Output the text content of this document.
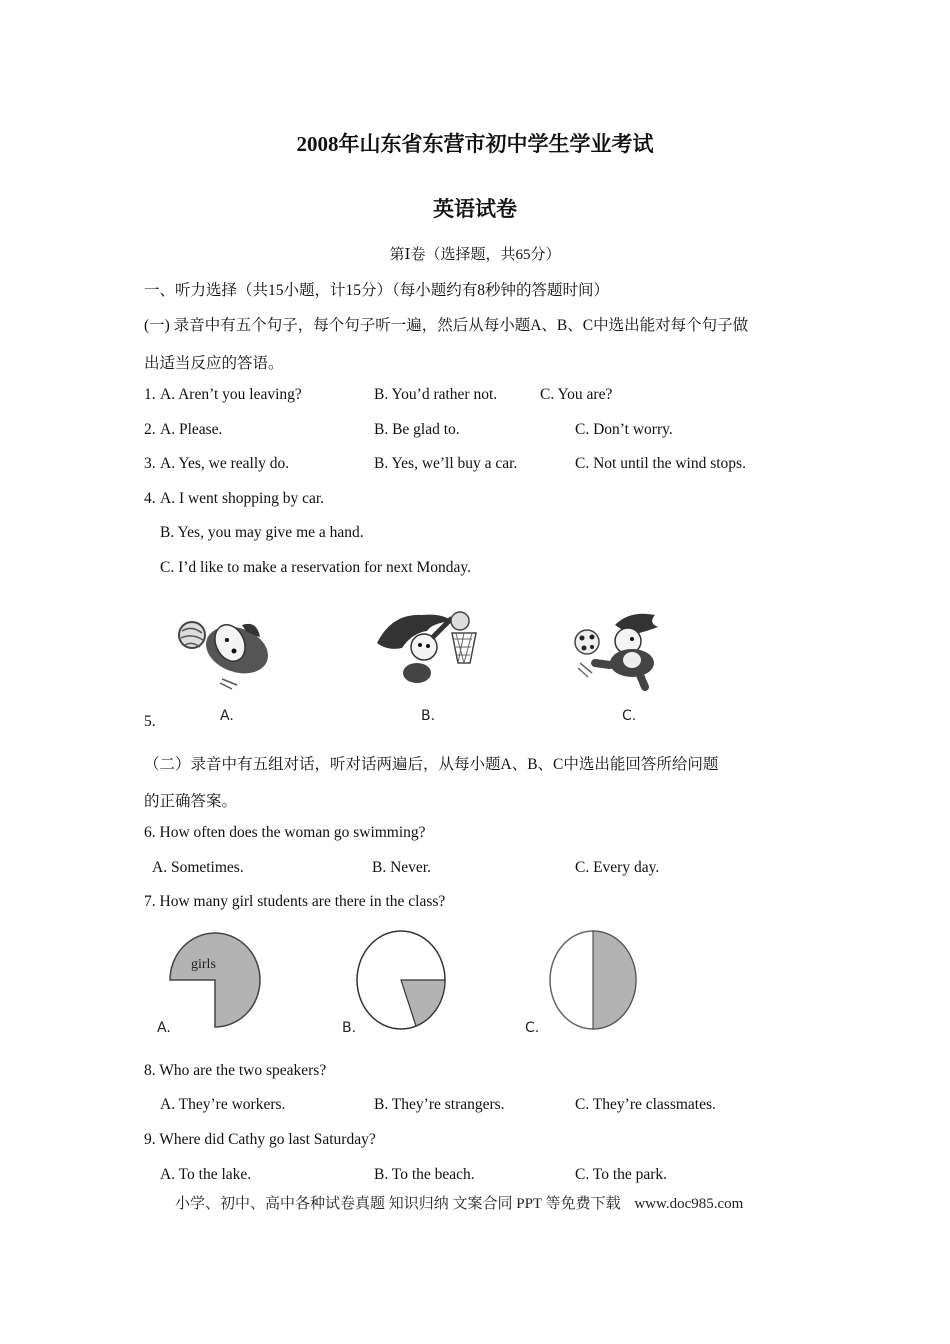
2008年山东省东营市初中学生学业考试
英语试卷
第Ⅰ卷（选择题，共65分）
一、听力选择（共15小题，计15分）（每小题约有8秒钟的答题时间）
(一) 录音中有五个句子，每个句子听一遍，然后从每小题A、B、C中选出能对每个句子做
出适当反应的答语。
1. A. Aren’t you leaving?	B. You’d rather not.	C. You are?
2. A. Please.	B. Be glad to.	C. Don’t worry.
3. A. Yes, we really do.	B. Yes, we’ll buy a car.	C. Not until the wind stops.
4. A. I went shopping by car.
B. Yes, you may give me a hand.
C. I’d like to make a reservation for next Monday.
5.	A.	B.	C.
（二）录音中有五组对话，听对话两遍后，从每小题A、B、C中选出能回答所给问题
的正确答案。
6. How often does the woman go swimming?
A. Sometimes.	B. Never.	C. Every day.
7. How many girl students are there in the class?
girls
A.	B.	C.
8. Who are the two speakers?
A. They’re workers.	B. They’re strangers.	C. They’re classmates.
9. Where did Cathy go last Saturday?
A. To the lake.	B. To the beach.	C. To the park.
小学、初中、高中各种试卷真题 知识归纳 文案合同 PPT 等免费下载 www.doc985.com
